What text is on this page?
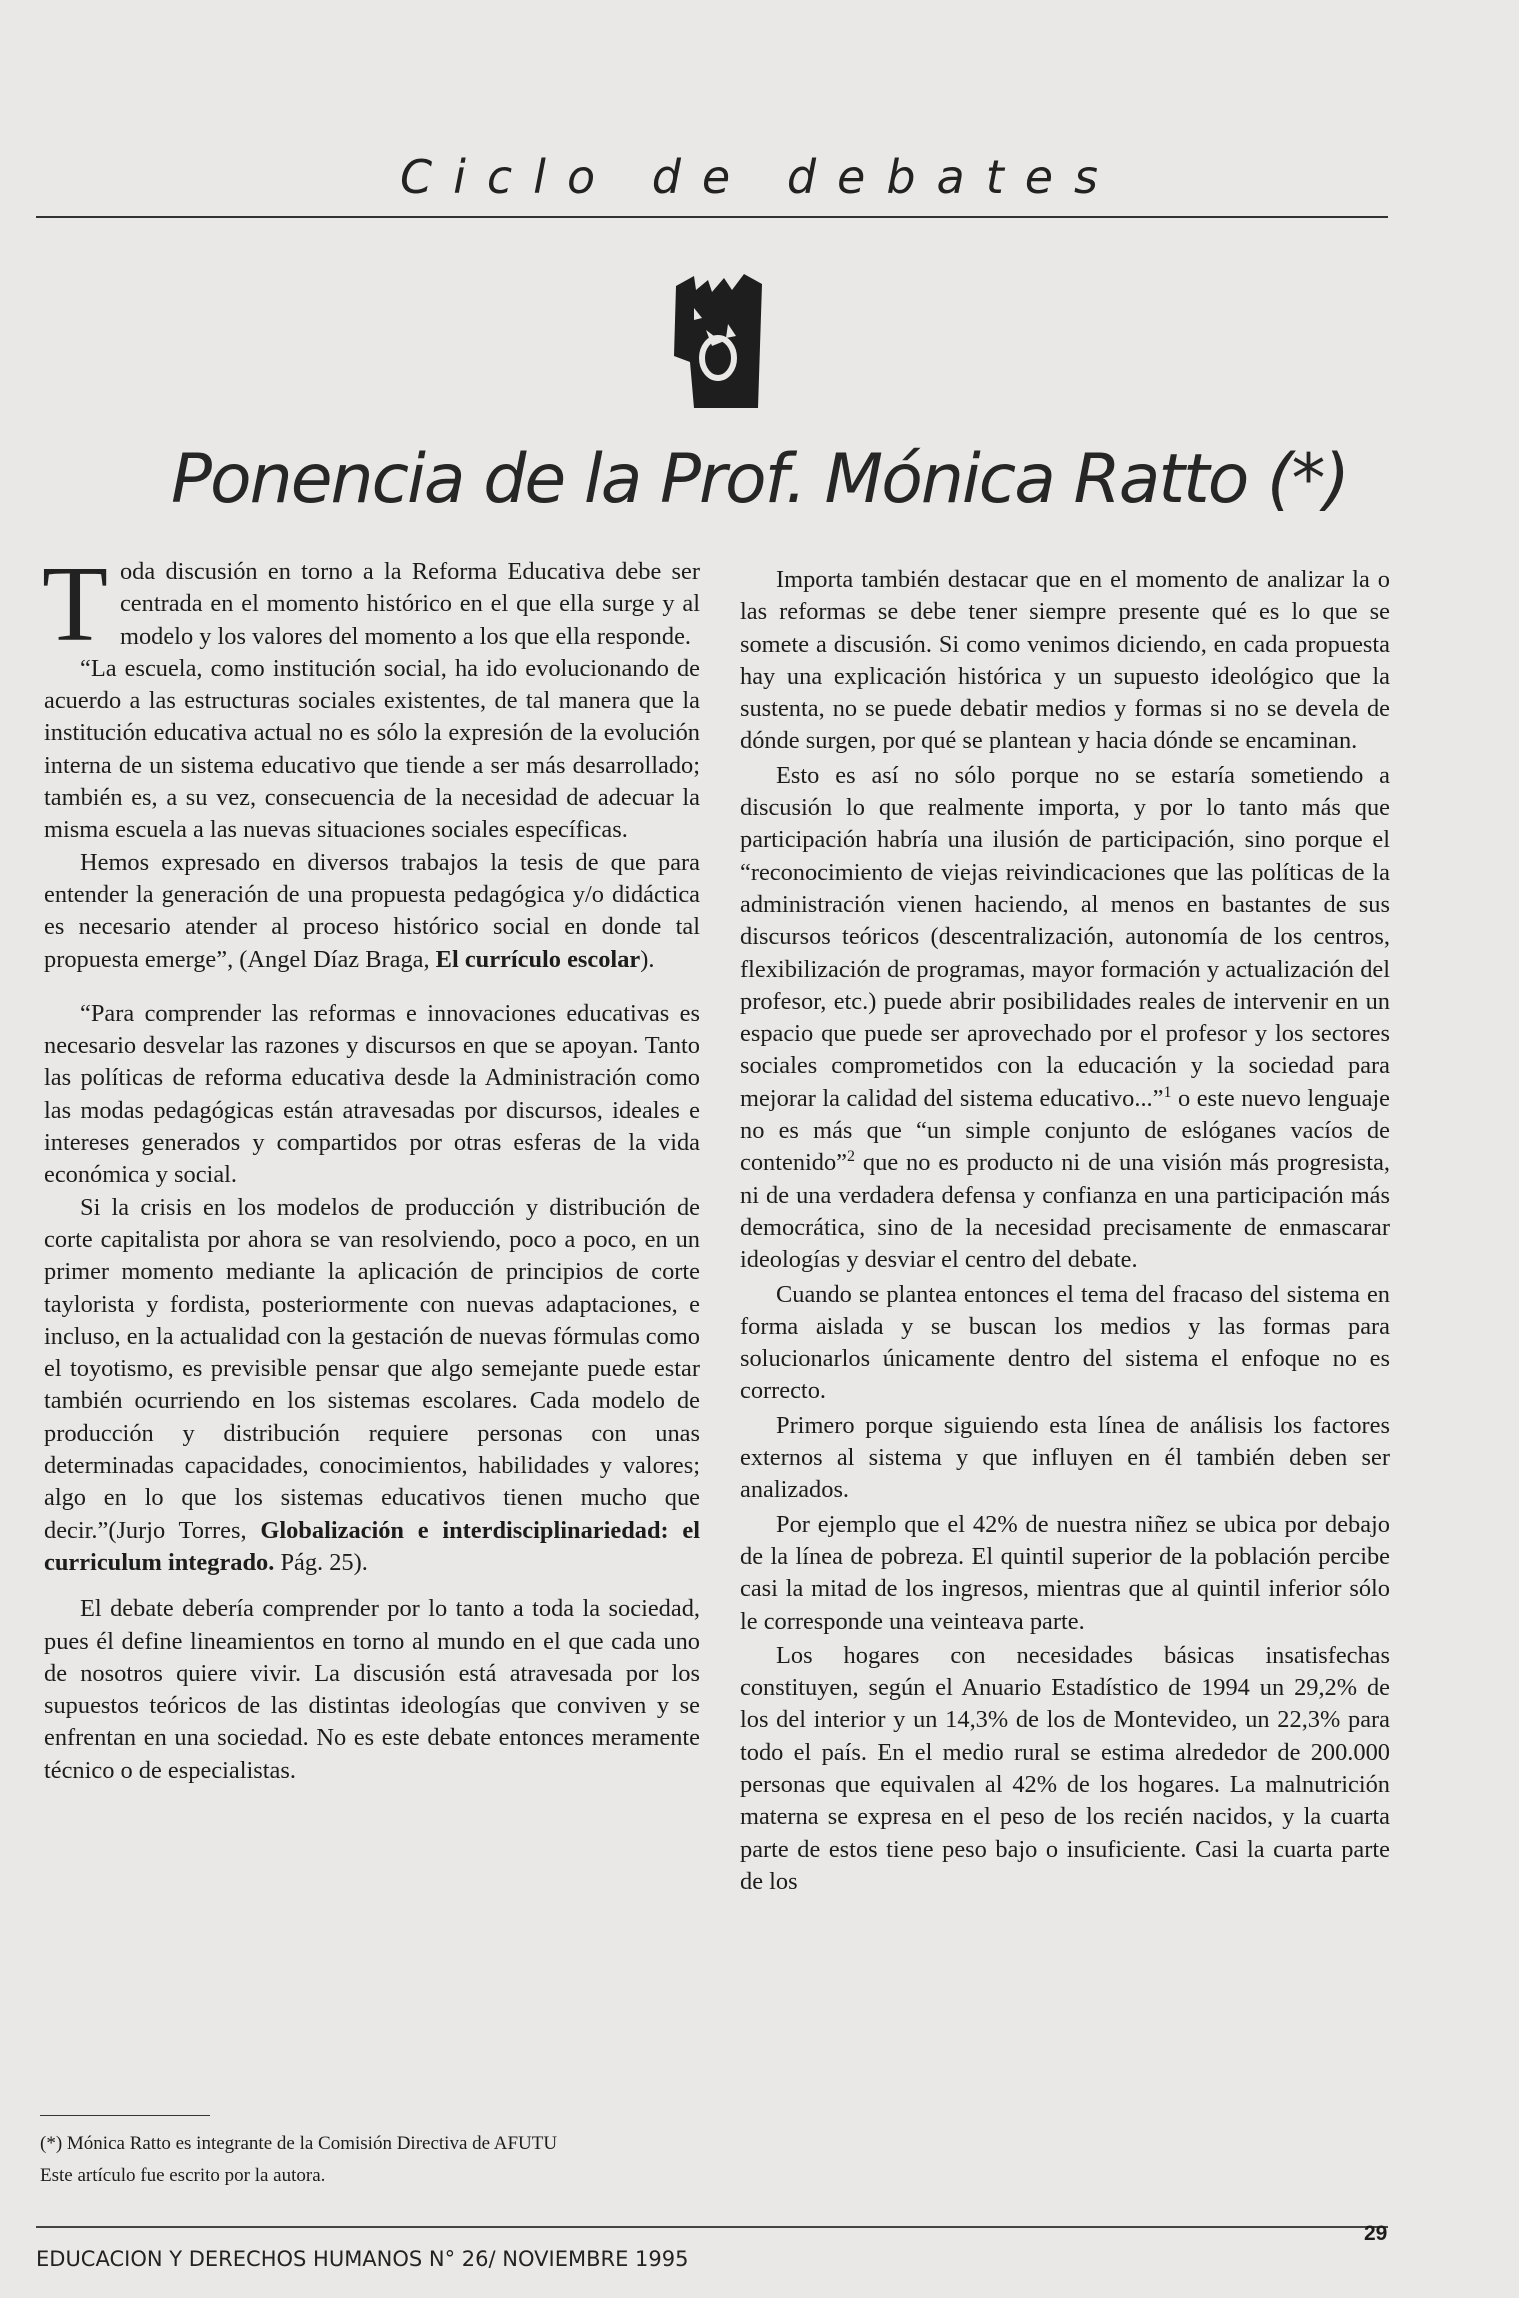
Ciclo de debates
Ponencia de la Prof. Mónica Ratto (*)

Toda discusión en torno a la Reforma Educativa debe ser centrada en el momento histórico en el que ella surge y al modelo y los valores del momento a los que ella responde.

“La escuela, como institución social, ha ido evolucionando de acuerdo a las estructuras sociales existentes, de tal manera que la institución educativa actual no es sólo la expresión de la evolución interna de un sistema educativo que tiende a ser más desarrollado; también es, a su vez, consecuencia de la necesidad de adecuar la misma escuela a las nuevas situaciones sociales específicas.

Hemos expresado en diversos trabajos la tesis de que para entender la generación de una propuesta pedagógica y/o didáctica es necesario atender al proceso histórico social en donde tal propuesta emerge”, (Angel Díaz Braga, El currículo escolar).

“Para comprender las reformas e innovaciones educativas es necesario desvelar las razones y discursos en que se apoyan. Tanto las políticas de reforma educativa desde la Administración como las modas pedagógicas están atravesadas por discursos, ideales e intereses generados y compartidos por otras esferas de la vida económica y social.

Si la crisis en los modelos de producción y distribución de corte capitalista por ahora se van resolviendo, poco a poco, en un primer momento mediante la aplicación de principios de corte taylorista y fordista, posteriormente con nuevas adaptaciones, e incluso, en la actualidad con la gestación de nuevas fórmulas como el toyotismo, es previsible pensar que algo semejante puede estar también ocurriendo en los sistemas escolares. Cada modelo de producción y distribución requiere personas con unas determinadas capacidades, conocimientos, habilidades y valores; algo en lo que los sistemas educativos tienen mucho que decir.”(Jurjo Torres, Globalización e interdisciplinariedad: el curriculum integrado. Pág. 25).

El debate debería comprender por lo tanto a toda la sociedad, pues él define lineamientos en torno al mundo en el que cada uno de nosotros quiere vivir. La discusión está atravesada por los supuestos teóricos de las distintas ideologías que conviven y se enfrentan en una sociedad. No es este debate entonces meramente técnico o de especialistas.

Importa también destacar que en el momento de analizar la o las reformas se debe tener siempre presente qué es lo que se somete a discusión. Si como venimos diciendo, en cada propuesta hay una explicación histórica y un supuesto ideológico que la sustenta, no se puede debatir medios y formas si no se devela de dónde surgen, por qué se plantean y hacia dónde se encaminan.

Esto es así no sólo porque no se estaría sometiendo a discusión lo que realmente importa, y por lo tanto más que participación habría una ilusión de participación, sino porque el “reconocimiento de viejas reivindicaciones que las políticas de la administración vienen haciendo, al menos en bastantes de sus discursos teóricos (descentralización, autonomía de los centros, flexibilización de programas, mayor formación y actualización del profesor, etc.) puede abrir posibilidades reales de intervenir en un espacio que puede ser aprovechado por el profesor y los sectores sociales comprometidos con la educación y la sociedad para mejorar la calidad del sistema educativo...”$^1$ o este nuevo lenguaje no es más que “un simple conjunto de eslóganes vacíos de contenido”$^2$ que no es producto ni de una visión más progresista, ni de una verdadera defensa y confianza en una participación más democrática, sino de la necesidad precisamente de enmascarar ideologías y desviar el centro del debate.

Cuando se plantea entonces el tema del fracaso del sistema en forma aislada y se buscan los medios y las formas para solucionarlos únicamente dentro del sistema el enfoque no es correcto.

Primero porque siguiendo esta línea de análisis los factores externos al sistema y que influyen en él también deben ser analizados.

Por ejemplo que el 42% de nuestra niñez se ubica por debajo de la línea de pobreza. El quintil superior de la población percibe casi la mitad de los ingresos, mientras que al quintil inferior sólo le corresponde una veinteava parte.

Los hogares con necesidades básicas insatisfechas constituyen, según el Anuario Estadístico de 1994 un 29,2% de los del interior y un 14,3% de los de Montevideo, un 22,3% para todo el país. En el medio rural se estima alrededor de 200.000 personas que equivalen al 42% de los hogares. La malnutrición materna se expresa en el peso de los recién nacidos, y la cuarta parte de estos tiene peso bajo o insuficiente. Casi la cuarta parte de los

(*) Mónica Ratto es integrante de la Comisión Directiva de AFUTU
Este artículo fue escrito por la autora.
EDUCACION Y DERECHOS HUMANOS N° 26/ NOVIEMBRE 1995
29
